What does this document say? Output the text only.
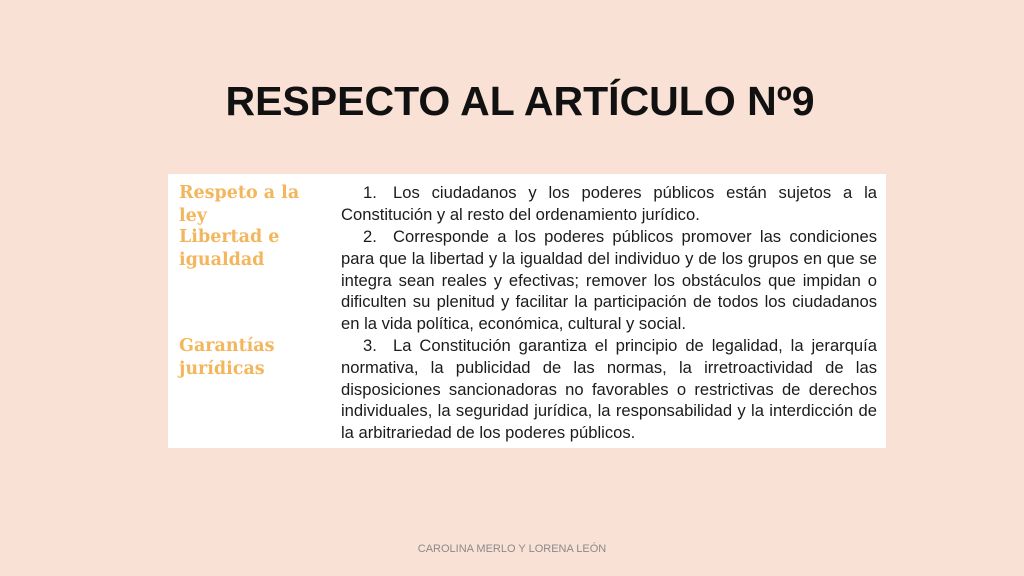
RESPECTO AL ARTÍCULO Nº9
Respeto a la ley
1. Los ciudadanos y los poderes públicos están sujetos a la Constitución y al resto del ordenamiento jurídico.
Libertad e igualdad
2. Corresponde a los poderes públicos promover las condiciones para que la libertad y la igualdad del individuo y de los grupos en que se integra sean reales y efectivas; remover los obstáculos que impidan o dificulten su plenitud y facilitar la participación de todos los ciudadanos en la vida política, económica, cultural y social.
Garantías jurídicas
3. La Constitución garantiza el principio de legalidad, la jerarquía normativa, la publicidad de las normas, la irretroactividad de las disposiciones sancionadoras no favorables o restrictivas de derechos individuales, la seguridad jurídica, la responsabilidad y la interdicción de la arbitrariedad de los poderes públicos.
CAROLINA MERLO Y LORENA LEÓN
